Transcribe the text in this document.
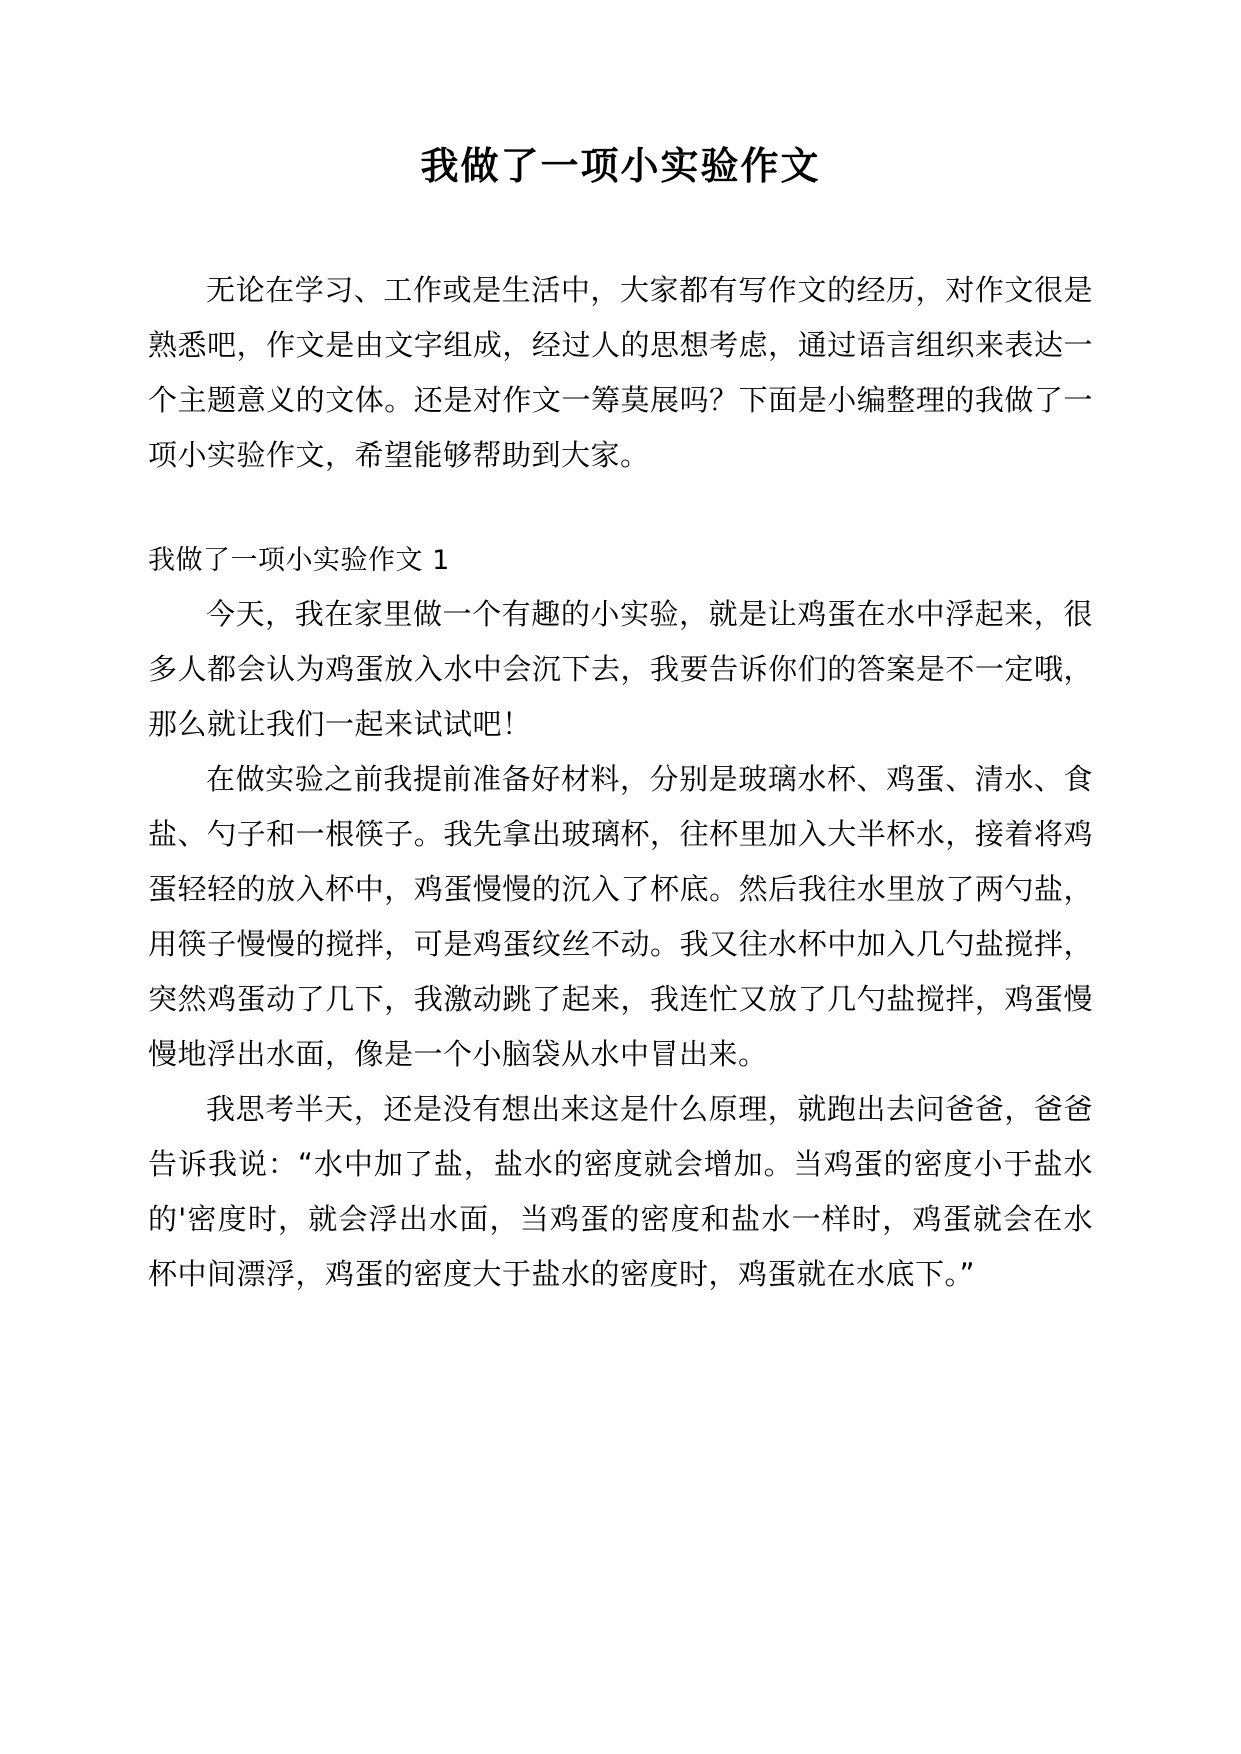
我做了一项小实验作文

无论在学习、工作或是生活中，大家都有写作文的经历，对作文很是熟悉吧，作文是由文字组成，经过人的思想考虑，通过语言组织来表达一个主题意义的文体。还是对作文一筹莫展吗？下面是小编整理的我做了一项小实验作文，希望能够帮助到大家。

我做了一项小实验作文 1

今天，我在家里做一个有趣的小实验，就是让鸡蛋在水中浮起来，很多人都会认为鸡蛋放入水中会沉下去，我要告诉你们的答案是不一定哦，那么就让我们一起来试试吧！

在做实验之前我提前准备好材料，分别是玻璃水杯、鸡蛋、清水、食盐、勺子和一根筷子。我先拿出玻璃杯，往杯里加入大半杯水，接着将鸡蛋轻轻的放入杯中，鸡蛋慢慢的沉入了杯底。然后我往水里放了两勺盐，用筷子慢慢的搅拌，可是鸡蛋纹丝不动。我又往水杯中加入几勺盐搅拌，突然鸡蛋动了几下，我激动跳了起来，我连忙又放了几勺盐搅拌，鸡蛋慢慢地浮出水面，像是一个小脑袋从水中冒出来。

我思考半天，还是没有想出来这是什么原理，就跑出去问爸爸，爸爸告诉我说：“水中加了盐，盐水的密度就会增加。当鸡蛋的密度小于盐水的'密度时，就会浮出水面，当鸡蛋的密度和盐水一样时，鸡蛋就会在水杯中间漂浮，鸡蛋的密度大于盐水的密度时，鸡蛋就在水底下。”
